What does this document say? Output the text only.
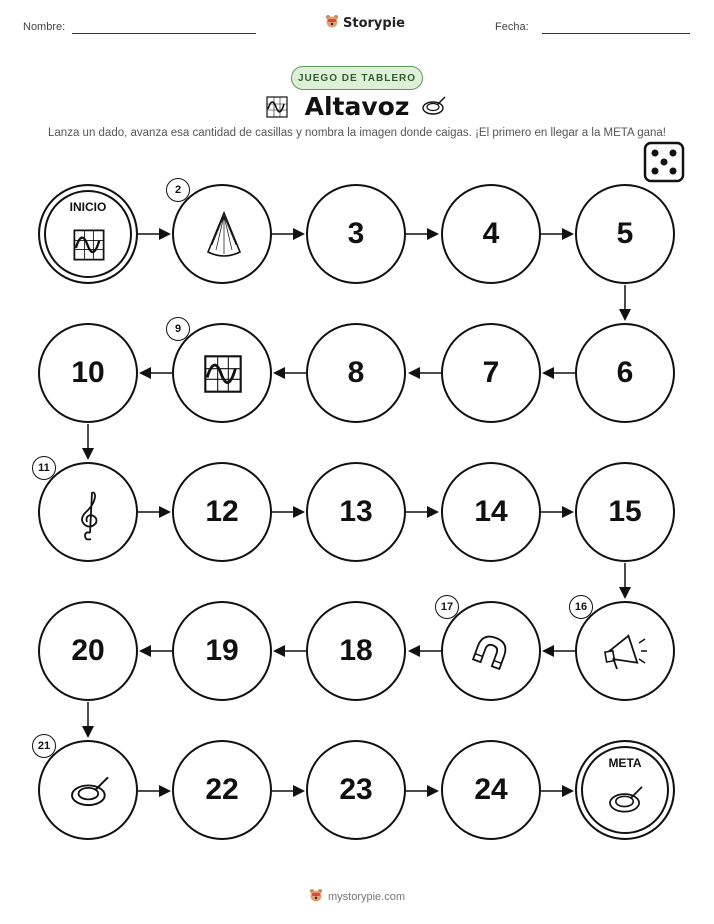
Nombre:	Storypie	Fecha:
JUEGO DE TABLERO
Altavoz
Lanza un dado, avanza esa cantidad de casillas y nombra la imagen donde caigas. ¡El primero en llegar a la META gana!
INICIO
2
3	4	5
6
7
8
9
10
11
12	13	14	15
16
17
18
19
20
21
22	23	24
META
mystorypie.com
